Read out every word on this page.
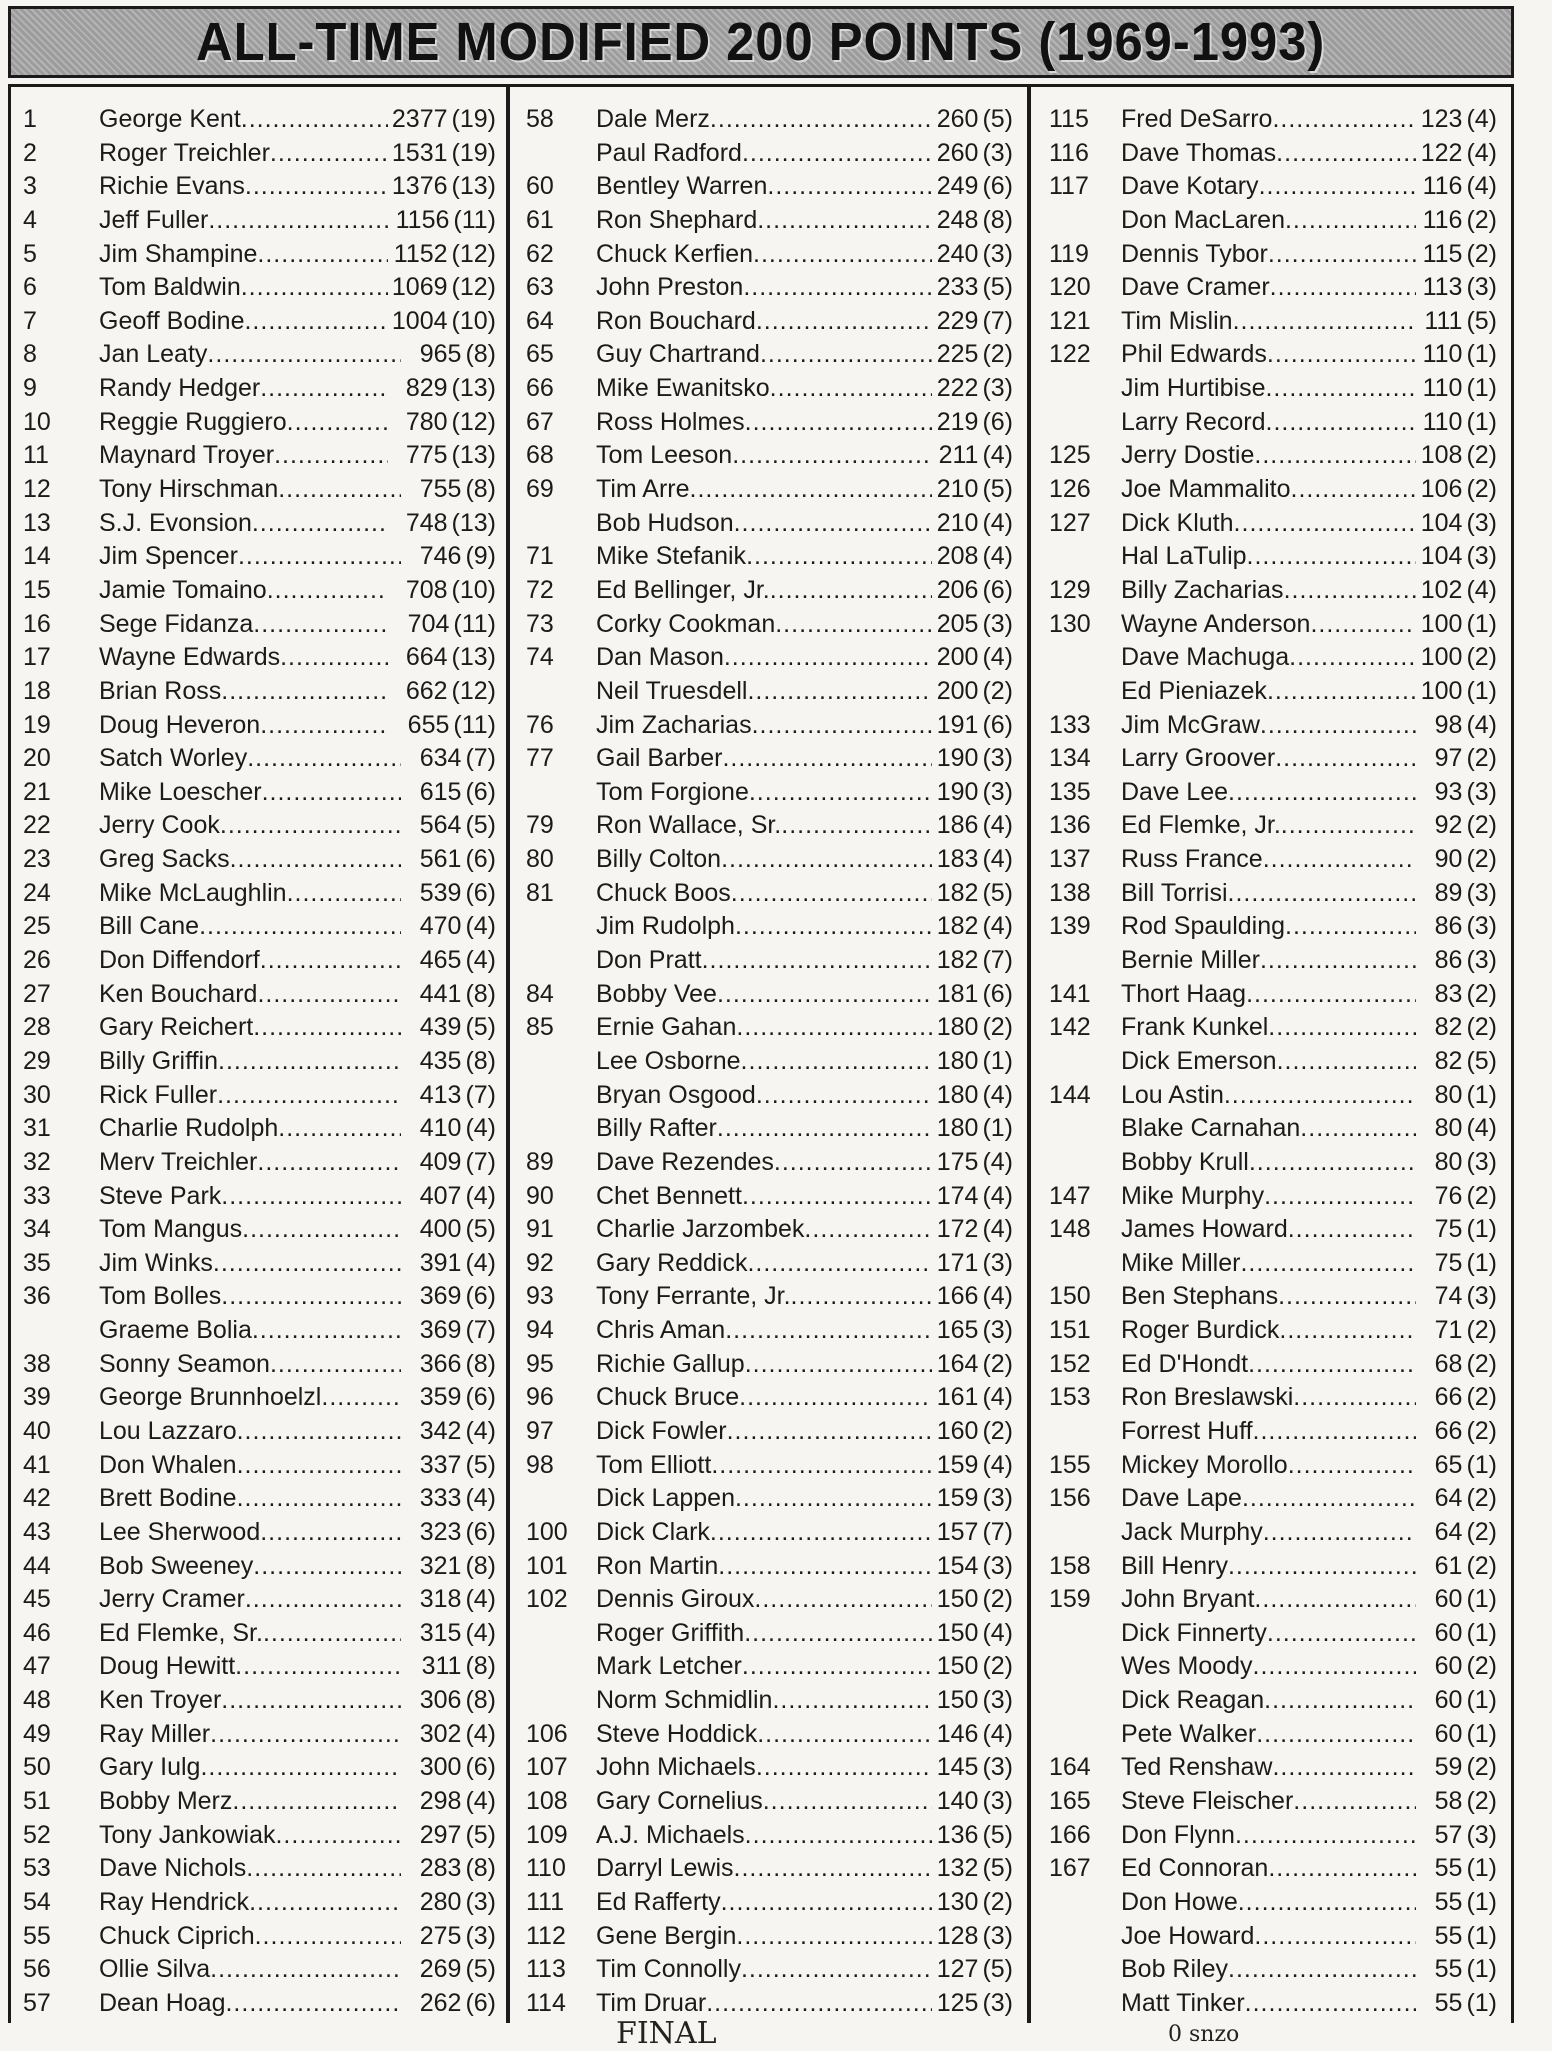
ALL-TIME MODIFIED 200 POINTS (1969-1993)
1	George Kent .....	2377 (19)
2	Roger Treichler .....	1531 (19)
3	Richie Evans .....	1376 (13)
4	Jeff Fuller .....	1156 (11)
5	Jim Shampine .....	1152 (12)
6	Tom Baldwin .....	1069 (12)
7	Geoff Bodine .....	1004 (10)
8	Jan Leaty .....	965 (8)
9	Randy Hedger .....	829 (13)
10	Reggie Ruggiero .....	780 (12)
11	Maynard Troyer .....	775 (13)
12	Tony Hirschman .....	755 (8)
13	S.J. Evonsion .....	748 (13)
14	Jim Spencer .....	746 (9)
15	Jamie Tomaino .....	708 (10)
16	Sege Fidanza .....	704 (11)
17	Wayne Edwards .....	664 (13)
18	Brian Ross .....	662 (12)
19	Doug Heveron .....	655 (11)
20	Satch Worley .....	634 (7)
21	Mike Loescher .....	615 (6)
22	Jerry Cook .....	564 (5)
23	Greg Sacks .....	561 (6)
24	Mike McLaughlin .....	539 (6)
25	Bill Cane .....	470 (4)
26	Don Diffendorf .....	465 (4)
27	Ken Bouchard .....	441 (8)
28	Gary Reichert .....	439 (5)
29	Billy Griffin .....	435 (8)
30	Rick Fuller .....	413 (7)
31	Charlie Rudolph .....	410 (4)
32	Merv Treichler .....	409 (7)
33	Steve Park .....	407 (4)
34	Tom Mangus .....	400 (5)
35	Jim Winks .....	391 (4)
36	Tom Bolles .....	369 (6)
Graeme Bolia .....	369 (7)
38	Sonny Seamon .....	366 (8)
39	George Brunnhoelzl .....	359 (6)
40	Lou Lazzaro .....	342 (4)
41	Don Whalen .....	337 (5)
42	Brett Bodine .....	333 (4)
43	Lee Sherwood .....	323 (6)
44	Bob Sweeney .....	321 (8)
45	Jerry Cramer .....	318 (4)
46	Ed Flemke, Sr. .....	315 (4)
47	Doug Hewitt .....	311 (8)
48	Ken Troyer .....	306 (8)
49	Ray Miller .....	302 (4)
50	Gary Iulg .....	300 (6)
51	Bobby Merz .....	298 (4)
52	Tony Jankowiak .....	297 (5)
53	Dave Nichols .....	283 (8)
54	Ray Hendrick .....	280 (3)
55	Chuck Ciprich .....	275 (3)
56	Ollie Silva .....	269 (5)
57	Dean Hoag .....	262 (6)
58	Dale Merz .....	260 (5)
Paul Radford .....	260 (3)
60	Bentley Warren .....	249 (6)
61	Ron Shephard .....	248 (8)
62	Chuck Kerfien .....	240 (3)
63	John Preston .....	233 (5)
64	Ron Bouchard .....	229 (7)
65	Guy Chartrand .....	225 (2)
66	Mike Ewanitsko .....	222 (3)
67	Ross Holmes .....	219 (6)
68	Tom Leeson .....	211 (4)
69	Tim Arre .....	210 (5)
Bob Hudson .....	210 (4)
71	Mike Stefanik .....	208 (4)
72	Ed Bellinger, Jr. .....	206 (6)
73	Corky Cookman .....	205 (3)
74	Dan Mason .....	200 (4)
Neil Truesdell .....	200 (2)
76	Jim Zacharias .....	191 (6)
77	Gail Barber .....	190 (3)
Tom Forgione .....	190 (3)
79	Ron Wallace, Sr. .....	186 (4)
80	Billy Colton .....	183 (4)
81	Chuck Boos .....	182 (5)
Jim Rudolph .....	182 (4)
Don Pratt .....	182 (7)
84	Bobby Vee .....	181 (6)
85	Ernie Gahan .....	180 (2)
Lee Osborne .....	180 (1)
Bryan Osgood .....	180 (4)
Billy Rafter .....	180 (1)
89	Dave Rezendes .....	175 (4)
90	Chet Bennett .....	174 (4)
91	Charlie Jarzombek .....	172 (4)
92	Gary Reddick .....	171 (3)
93	Tony Ferrante, Jr. .....	166 (4)
94	Chris Aman .....	165 (3)
95	Richie Gallup .....	164 (2)
96	Chuck Bruce .....	161 (4)
97	Dick Fowler .....	160 (2)
98	Tom Elliott .....	159 (4)
Dick Lappen .....	159 (3)
100	Dick Clark .....	157 (7)
101	Ron Martin .....	154 (3)
102	Dennis Giroux .....	150 (2)
Roger Griffith .....	150 (4)
Mark Letcher .....	150 (2)
Norm Schmidlin .....	150 (3)
106	Steve Hoddick .....	146 (4)
107	John Michaels .....	145 (3)
108	Gary Cornelius .....	140 (3)
109	A.J. Michaels .....	136 (5)
110	Darryl Lewis .....	132 (5)
111	Ed Rafferty .....	130 (2)
112	Gene Bergin .....	128 (3)
113	Tim Connolly .....	127 (5)
114	Tim Druar .....	125 (3)
115	Fred DeSarro .....	123 (4)
116	Dave Thomas .....	122 (4)
117	Dave Kotary .....	116 (4)
Don MacLaren .....	116 (2)
119	Dennis Tybor .....	115 (2)
120	Dave Cramer .....	113 (3)
121	Tim Mislin .....	111 (5)
122	Phil Edwards .....	110 (1)
Jim Hurtibise .....	110 (1)
Larry Record .....	110 (1)
125	Jerry Dostie .....	108 (2)
126	Joe Mammalito .....	106 (2)
127	Dick Kluth .....	104 (3)
Hal LaTulip .....	104 (3)
129	Billy Zacharias .....	102 (4)
130	Wayne Anderson .....	100 (1)
Dave Machuga .....	100 (2)
Ed Pieniazek .....	100 (1)
133	Jim McGraw .....	98 (4)
134	Larry Groover .....	97 (2)
135	Dave Lee .....	93 (3)
136	Ed Flemke, Jr. .....	92 (2)
137	Russ France .....	90 (2)
138	Bill Torrisi .....	89 (3)
139	Rod Spaulding .....	86 (3)
Bernie Miller .....	86 (3)
141	Thort Haag .....	83 (2)
142	Frank Kunkel .....	82 (2)
Dick Emerson .....	82 (5)
144	Lou Astin .....	80 (1)
Blake Carnahan .....	80 (4)
Bobby Krull .....	80 (3)
147	Mike Murphy .....	76 (2)
148	James Howard .....	75 (1)
Mike Miller .....	75 (1)
150	Ben Stephans .....	74 (3)
151	Roger Burdick .....	71 (2)
152	Ed D'Hondt .....	68 (2)
153	Ron Breslawski .....	66 (2)
Forrest Huff .....	66 (2)
155	Mickey Morollo .....	65 (1)
156	Dave Lape .....	64 (2)
Jack Murphy .....	64 (2)
158	Bill Henry .....	61 (2)
159	John Bryant .....	60 (1)
Dick Finnerty .....	60 (1)
Wes Moody .....	60 (2)
Dick Reagan .....	60 (1)
Pete Walker .....	60 (1)
164	Ted Renshaw .....	59 (2)
165	Steve Fleischer .....	58 (2)
166	Don Flynn .....	57 (3)
167	Ed Connoran .....	55 (1)
Don Howe .....	55 (1)
Joe Howard .....	55 (1)
Bob Riley .....	55 (1)
Matt Tinker .....	55 (1)
FINAL	0 snzo
